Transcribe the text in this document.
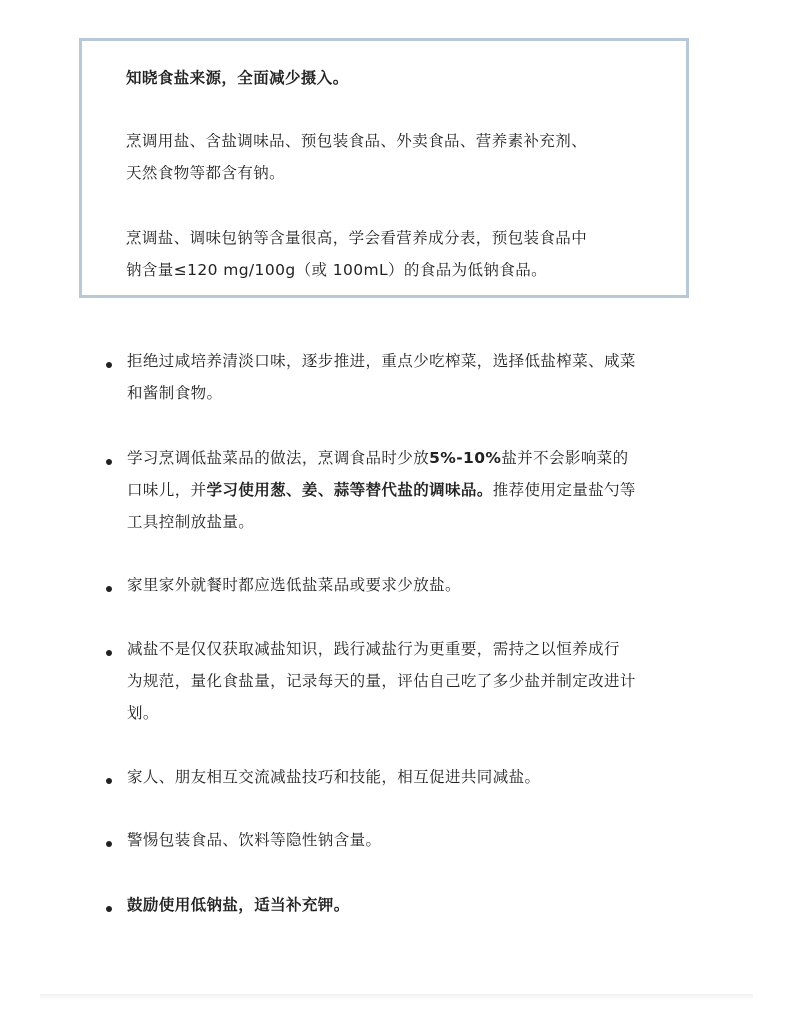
知晓食盐来源，全面减少摄入。

烹调用盐、含盐调味品、预包装食品、外卖食品、营养素补充剂、

天然食物等都含有钠。

烹调盐、调味包钠等含量很高，学会看营养成分表，预包装食品中

钠含量≤120 mg/100g（或 100mL）的食品为低钠食品。

拒绝过咸培养清淡口味，逐步推进，重点少吃榨菜，选择低盐榨菜、咸菜

和酱制食物。

学习烹调低盐菜品的做法，烹调食品时少放5%-10%盐并不会影响菜的

口味儿，并学习使用葱、姜、蒜等替代盐的调味品。推荐使用定量盐勺等

工具控制放盐量。

家里家外就餐时都应选低盐菜品或要求少放盐。

减盐不是仅仅获取减盐知识，践行减盐行为更重要，需持之以恒养成行

为规范，量化食盐量，记录每天的量，评估自己吃了多少盐并制定改进计

划。

家人、朋友相互交流减盐技巧和技能，相互促进共同减盐。

警惕包装食品、饮料等隐性钠含量。

鼓励使用低钠盐，适当补充钾。
